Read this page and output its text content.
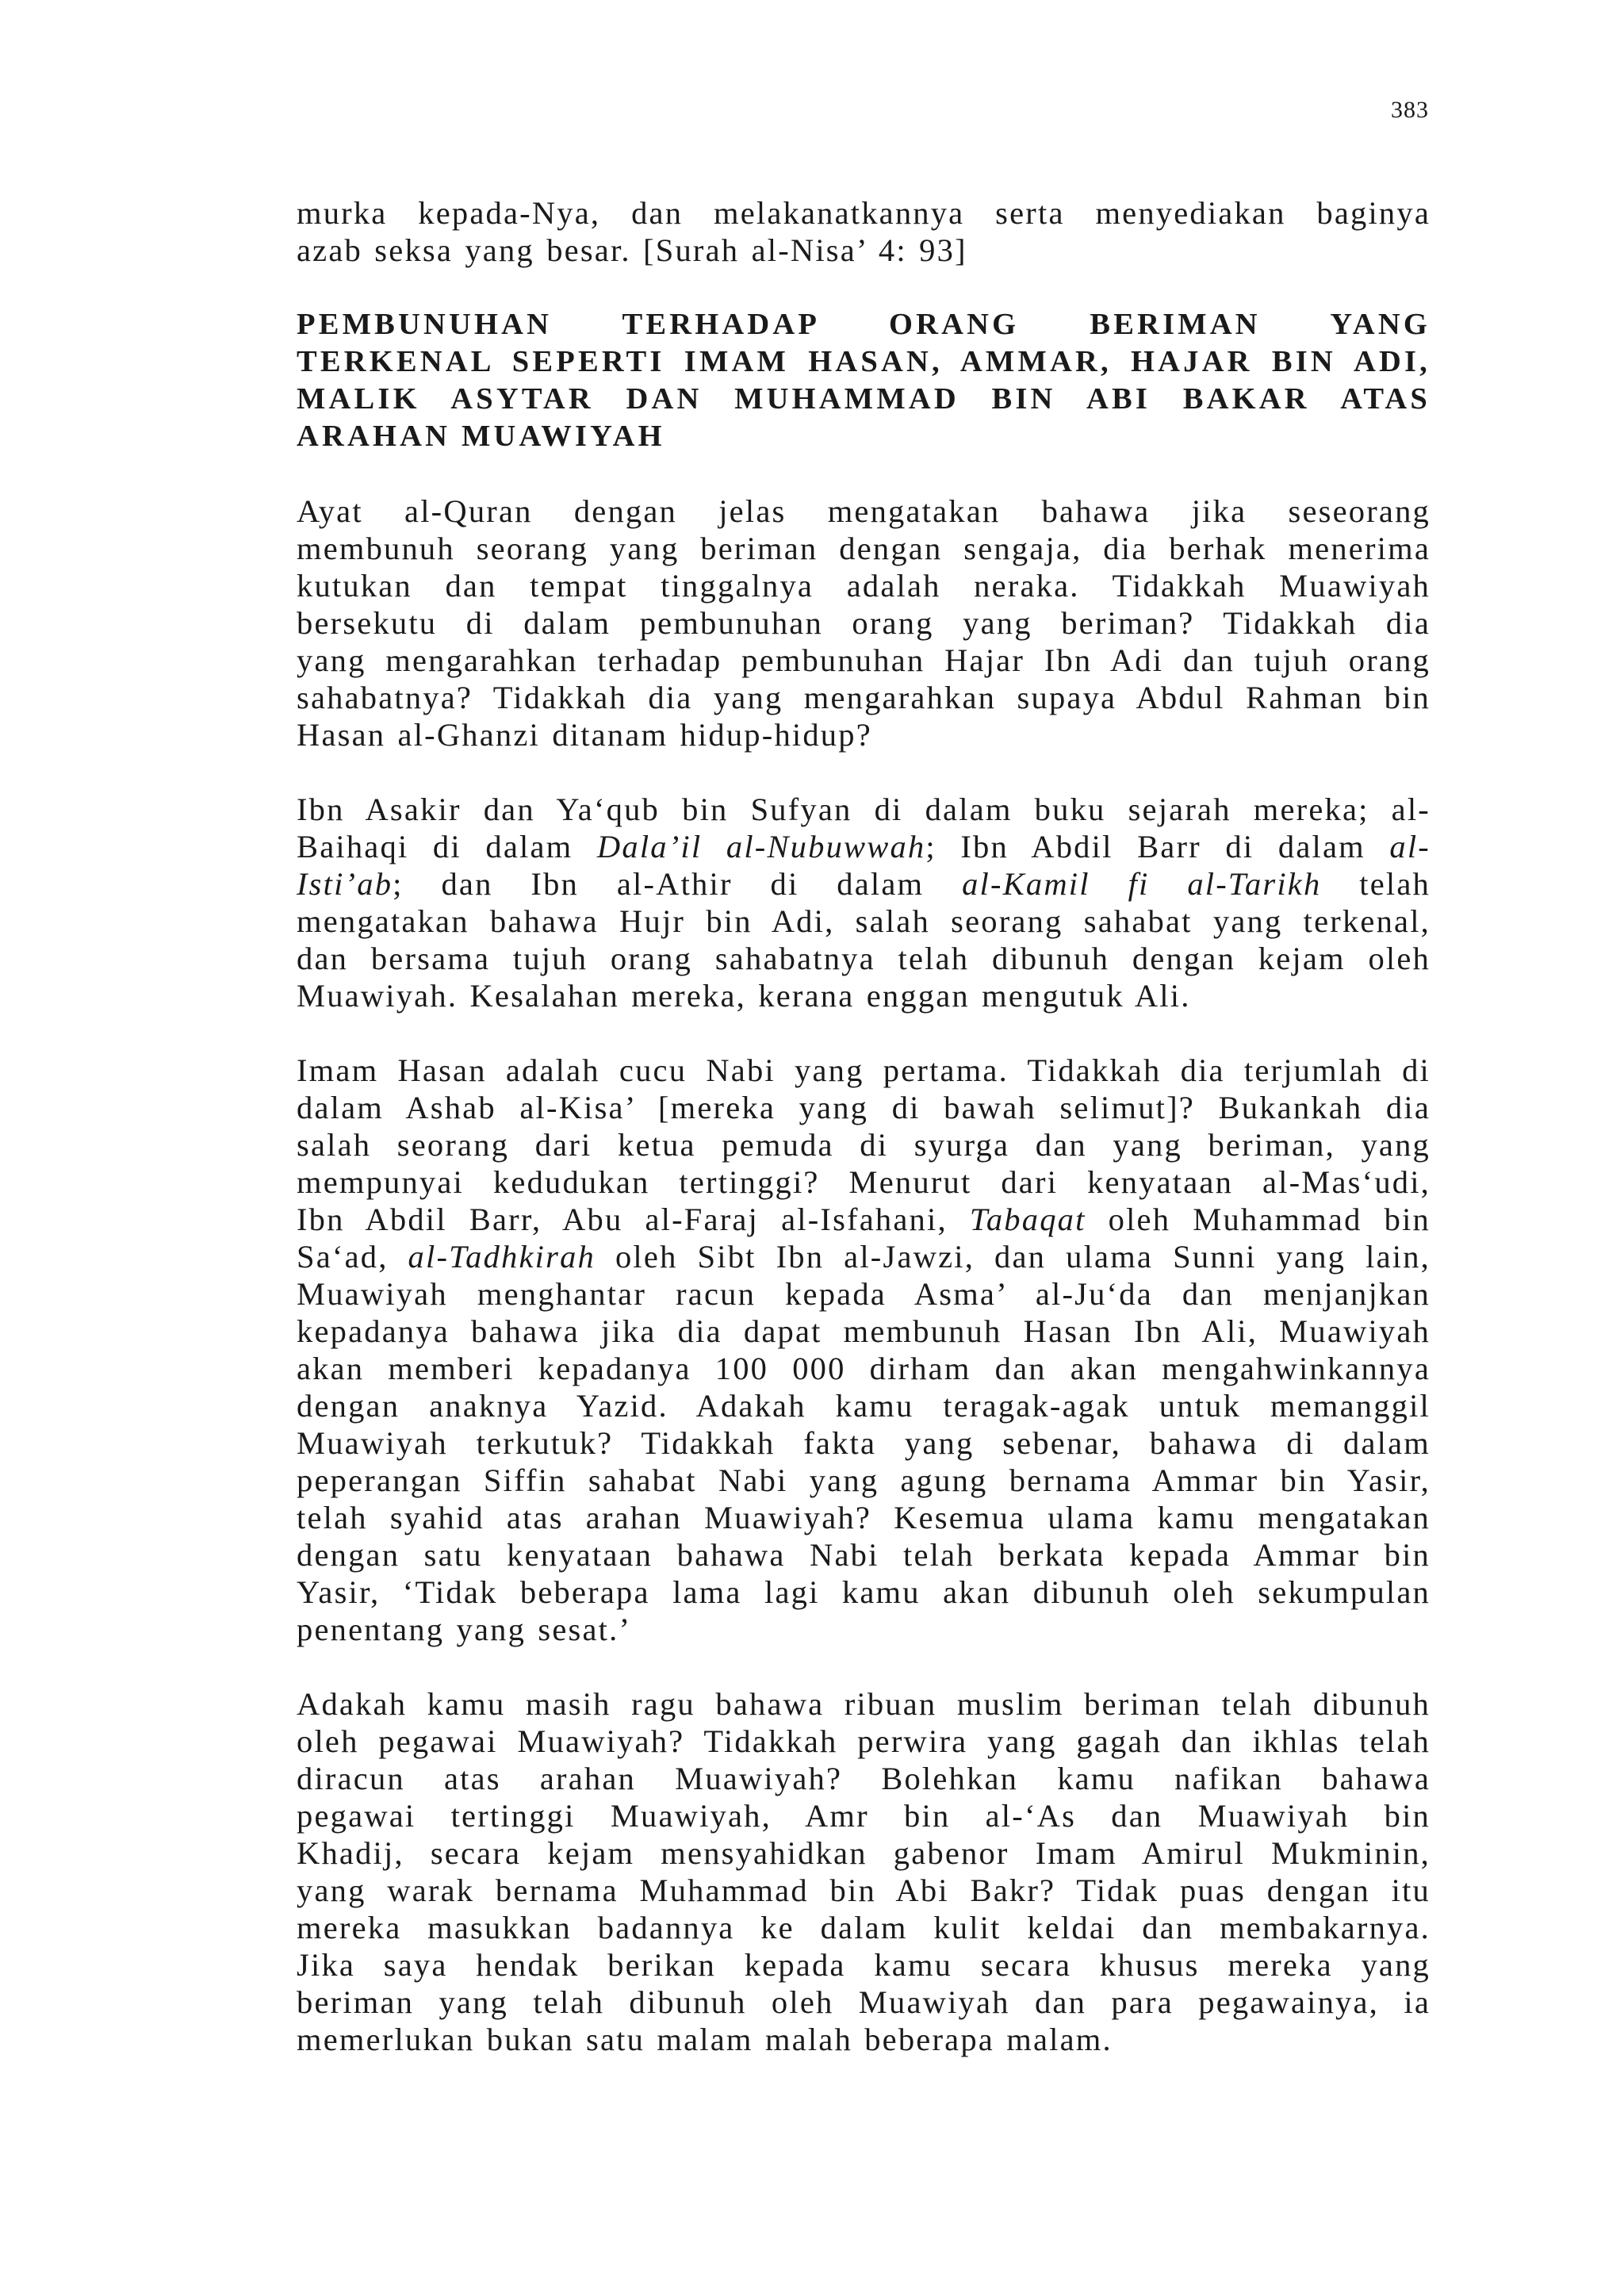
383

murka kepada-Nya, dan melakanatkannya serta menyediakan baginya
azab seksa yang besar. [Surah al-Nisa’ 4: 93]

PEMBUNUHAN TERHADAP ORANG BERIMAN YANG
TERKENAL SEPERTI IMAM HASAN, AMMAR, HAJAR BIN ADI,
MALIK ASYTAR DAN MUHAMMAD BIN ABI BAKAR ATAS
ARAHAN MUAWIYAH

Ayat al-Quran dengan jelas mengatakan bahawa jika seseorang
membunuh seorang yang beriman dengan sengaja, dia berhak menerima
kutukan dan tempat tinggalnya adalah neraka. Tidakkah Muawiyah
bersekutu di dalam pembunuhan orang yang beriman? Tidakkah dia
yang mengarahkan terhadap pembunuhan Hajar Ibn Adi dan tujuh orang
sahabatnya? Tidakkah dia yang mengarahkan supaya Abdul Rahman bin
Hasan al-Ghanzi ditanam hidup-hidup?

Ibn Asakir dan Ya‘qub bin Sufyan di dalam buku sejarah mereka; al-
Baihaqi di dalam Dala’il al-Nubuwwah; Ibn Abdil Barr di dalam al-
Isti’ab; dan Ibn al-Athir di dalam al-Kamil fi al-Tarikh telah
mengatakan bahawa Hujr bin Adi, salah seorang sahabat yang terkenal,
dan bersama tujuh orang sahabatnya telah dibunuh dengan kejam oleh
Muawiyah. Kesalahan mereka, kerana enggan mengutuk Ali.

Imam Hasan adalah cucu Nabi yang pertama. Tidakkah dia terjumlah di
dalam Ashab al-Kisa’ [mereka yang di bawah selimut]? Bukankah dia
salah seorang dari ketua pemuda di syurga dan yang beriman, yang
mempunyai kedudukan tertinggi? Menurut dari kenyataan al-Mas‘udi,
Ibn Abdil Barr, Abu al-Faraj al-Isfahani, Tabaqat oleh Muhammad bin
Sa‘ad, al-Tadhkirah oleh Sibt Ibn al-Jawzi, dan ulama Sunni yang lain,
Muawiyah menghantar racun kepada Asma’ al-Ju‘da dan menjanjkan
kepadanya bahawa jika dia dapat membunuh Hasan Ibn Ali, Muawiyah
akan memberi kepadanya 100 000 dirham dan akan mengahwinkannya
dengan anaknya Yazid. Adakah kamu teragak-agak untuk memanggil
Muawiyah terkutuk? Tidakkah fakta yang sebenar, bahawa di dalam
peperangan Siffin sahabat Nabi yang agung bernama Ammar bin Yasir,
telah syahid atas arahan Muawiyah? Kesemua ulama kamu mengatakan
dengan satu kenyataan bahawa Nabi telah berkata kepada Ammar bin
Yasir, ‘Tidak beberapa lama lagi kamu akan dibunuh oleh sekumpulan
penentang yang sesat.’

Adakah kamu masih ragu bahawa ribuan muslim beriman telah dibunuh
oleh pegawai Muawiyah? Tidakkah perwira yang gagah dan ikhlas telah
diracun atas arahan Muawiyah? Bolehkan kamu nafikan bahawa
pegawai tertinggi Muawiyah, Amr bin al-‘As dan Muawiyah bin
Khadij, secara kejam mensyahidkan gabenor Imam Amirul Mukminin,
yang warak bernama Muhammad bin Abi Bakr? Tidak puas dengan itu
mereka masukkan badannya ke dalam kulit keldai dan membakarnya.
Jika saya hendak berikan kepada kamu secara khusus mereka yang
beriman yang telah dibunuh oleh Muawiyah dan para pegawainya, ia
memerlukan bukan satu malam malah beberapa malam.
